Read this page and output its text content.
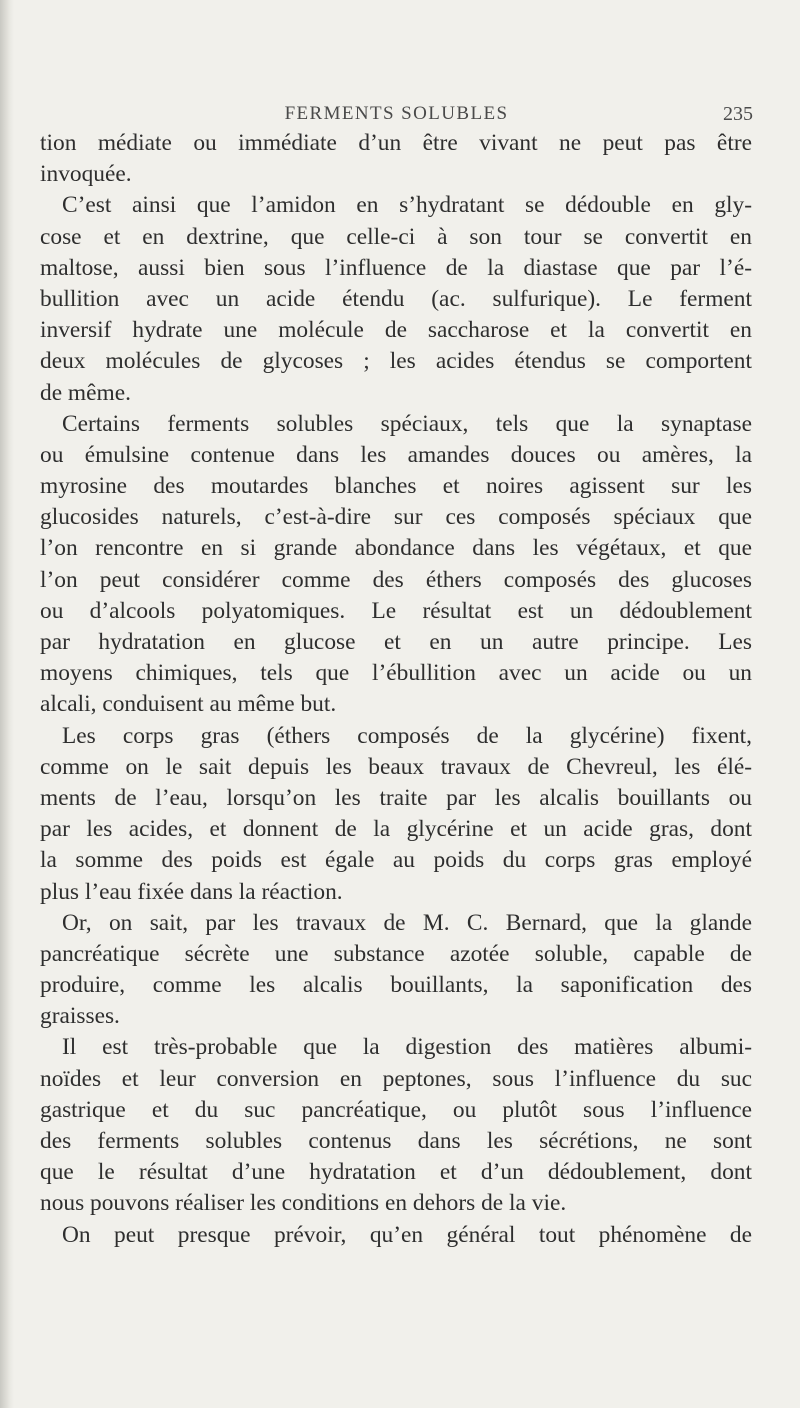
FERMENTS SOLUBLES	235
tion médiate ou immédiate d’un être vivant ne peut pas être
invoquée.
C’est ainsi que l’amidon en s’hydratant se dédouble en gly-
cose et en dextrine, que celle-ci à son tour se convertit en
maltose, aussi bien sous l’influence de la diastase que par l’é-
bullition avec un acide étendu (ac. sulfurique). Le ferment
inversif hydrate une molécule de saccharose et la convertit en
deux molécules de glycoses ; les acides étendus se comportent
de même.
Certains ferments solubles spéciaux, tels que la synaptase
ou émulsine contenue dans les amandes douces ou amères, la
myrosine des moutardes blanches et noires agissent sur les
glucosides naturels, c’est-à-dire sur ces composés spéciaux que
l’on rencontre en si grande abondance dans les végétaux, et que
l’on peut considérer comme des éthers composés des glucoses
ou d’alcools polyatomiques. Le résultat est un dédoublement
par hydratation en glucose et en un autre principe. Les
moyens chimiques, tels que l’ébullition avec un acide ou un
alcali, conduisent au même but.
Les corps gras (éthers composés de la glycérine) fixent,
comme on le sait depuis les beaux travaux de Chevreul, les élé-
ments de l’eau, lorsqu’on les traite par les alcalis bouillants ou
par les acides, et donnent de la glycérine et un acide gras, dont
la somme des poids est égale au poids du corps gras employé
plus l’eau fixée dans la réaction.
Or, on sait, par les travaux de M. C. Bernard, que la glande
pancréatique sécrète une substance azotée soluble, capable de
produire, comme les alcalis bouillants, la saponification des
graisses.
Il est très-probable que la digestion des matières albumi-
noïdes et leur conversion en peptones, sous l’influence du suc
gastrique et du suc pancréatique, ou plutôt sous l’influence
des ferments solubles contenus dans les sécrétions, ne sont
que le résultat d’une hydratation et d’un dédoublement, dont
nous pouvons réaliser les conditions en dehors de la vie.
On peut presque prévoir, qu’en général tout phénomène de
